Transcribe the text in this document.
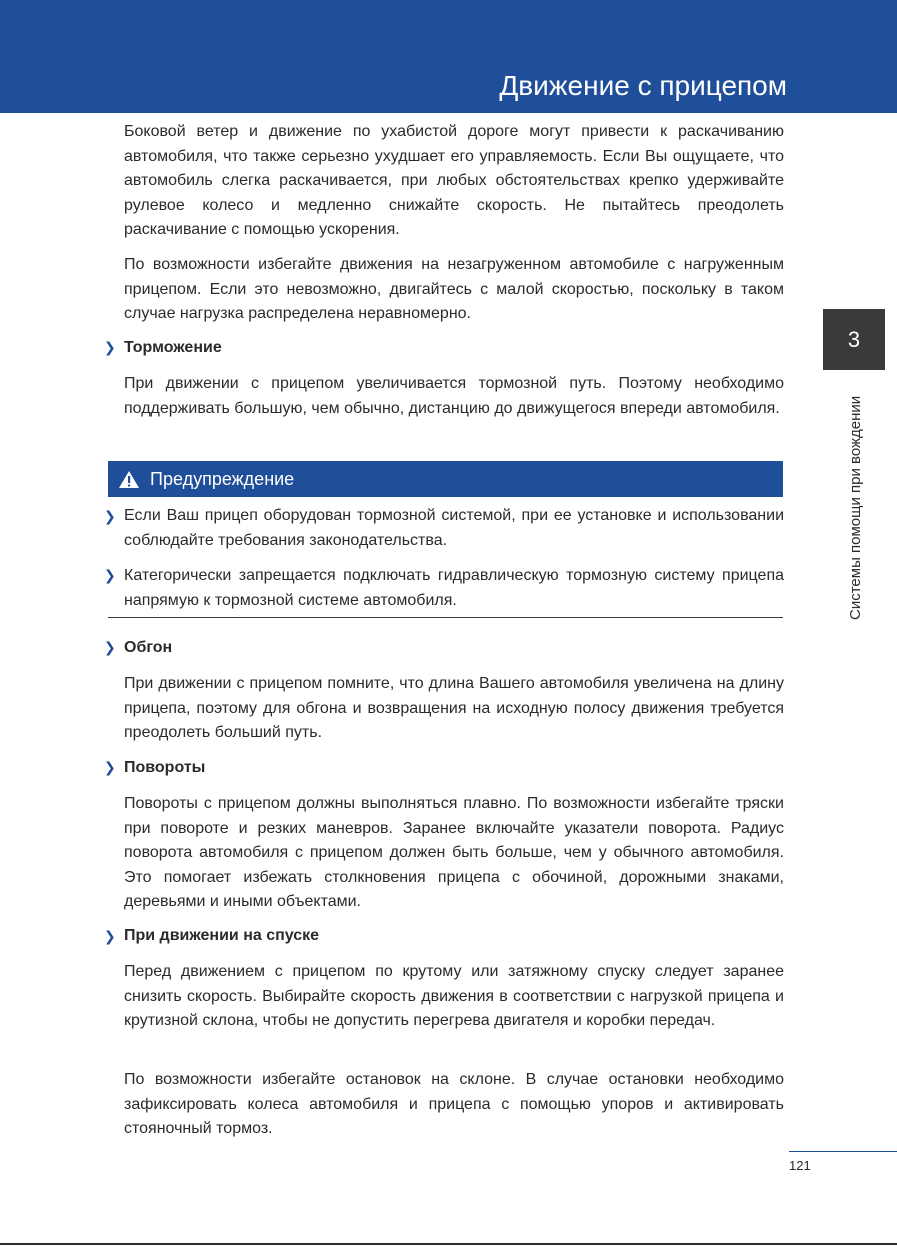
Движение с прицепом
3
Системы помощи при вождении

Боковой ветер и движение по ухабистой дороге могут привести к раскачиванию автомобиля, что также серьезно ухудшает его управляемость. Если Вы ощущаете, что автомобиль слегка раскачивается, при любых обстоятельствах крепко удерживайте рулевое колесо и медленно снижайте скорость. Не пытайтесь преодолеть раскачивание с помощью ускорения.

По возможности избегайте движения на незагруженном автомобиле с нагруженным прицепом. Если это невозможно, двигайтесь с малой скоростью, поскольку в таком случае нагрузка распределена неравномерно.

❯ Торможение

При движении с прицепом увеличивается тормозной путь. Поэтому необходимо поддерживать большую, чем обычно, дистанцию до движущегося впереди автомобиля.

Предупреждение
❯ Если Ваш прицеп оборудован тормозной системой, при ее установке и использовании соблюдайте требования законодательства.

❯ Категорически запрещается подключать гидравлическую тормозную систему прицепа напрямую к тормозной системе автомобиля.

❯ Обгон

При движении с прицепом помните, что длина Вашего автомобиля увеличена на длину прицепа, поэтому для обгона и возвращения на исходную полосу движения требуется преодолеть больший путь.

❯ Повороты

Повороты с прицепом должны выполняться плавно. По возможности избегайте тряски при повороте и резких маневров. Заранее включайте указатели поворота. Радиус поворота автомобиля с прицепом должен быть больше, чем у обычного автомобиля. Это помогает избежать столкновения прицепа с обочиной, дорожными знаками, деревьями и иными объектами.

❯ При движении на спуске

Перед движением с прицепом по крутому или затяжному спуску следует заранее снизить скорость. Выбирайте скорость движения в соответствии с нагрузкой прицепа и крутизной склона, чтобы не допустить перегрева двигателя и коробки передач.

По возможности избегайте остановок на склоне. В случае остановки необходимо зафиксировать колеса автомобиля и прицепа с помощью упоров и активировать стояночный тормоз.

121
